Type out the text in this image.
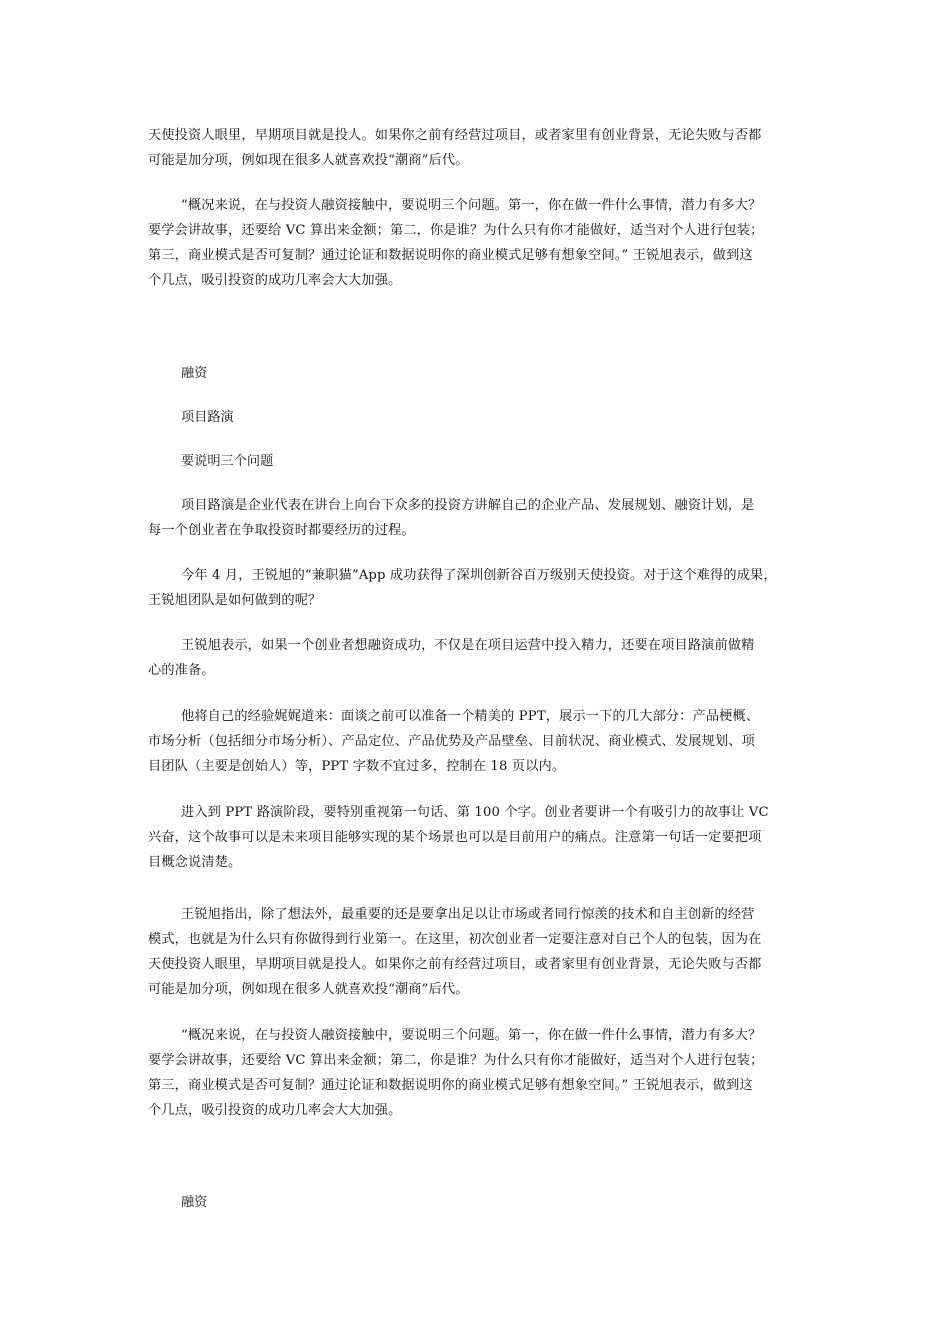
天使投资人眼里，早期项目就是投人。如果你之前有经营过项目，或者家里有创业背景，无论失败与否都
可能是加分项，例如现在很多人就喜欢投“潮商”后代。

“概况来说，在与投资人融资接触中，要说明三个问题。第一，你在做一件什么事情，潜力有多大？
要学会讲故事，还要给 VC 算出来金额；第二，你是谁？为什么只有你才能做好，适当对个人进行包装；
第三，商业模式是否可复制？通过论证和数据说明你的商业模式足够有想象空间。” 王锐旭表示，做到这
个几点，吸引投资的成功几率会大大加强。

融资

项目路演

要说明三个问题

项目路演是企业代表在讲台上向台下众多的投资方讲解自己的企业产品、发展规划、融资计划，是
每一个创业者在争取投资时都要经历的过程。

今年 4 月，王锐旭的“兼职猫”App 成功获得了深圳创新谷百万级别天使投资。对于这个难得的成果，
王锐旭团队是如何做到的呢？

王锐旭表示，如果一个创业者想融资成功，不仅是在项目运营中投入精力，还要在项目路演前做精
心的准备。

他将自己的经验娓娓道来：面谈之前可以准备一个精美的 PPT，展示一下的几大部分：产品梗概、
市场分析（包括细分市场分析）、产品定位、产品优势及产品壁垒、目前状况、商业模式、发展规划、项
目团队（主要是创始人）等，PPT 字数不宜过多，控制在 18 页以内。

进入到 PPT 路演阶段，要特别重视第一句话、第 100 个字。创业者要讲一个有吸引力的故事让 VC
兴奋，这个故事可以是未来项目能够实现的某个场景也可以是目前用户的痛点。注意第一句话一定要把项
目概念说清楚。

王锐旭指出，除了想法外，最重要的还是要拿出足以让市场或者同行惊羡的技术和自主创新的经营
模式，也就是为什么只有你做得到行业第一。在这里，初次创业者一定要注意对自己个人的包装，因为在
天使投资人眼里，早期项目就是投人。如果你之前有经营过项目，或者家里有创业背景，无论失败与否都
可能是加分项，例如现在很多人就喜欢投“潮商”后代。

“概况来说，在与投资人融资接触中，要说明三个问题。第一，你在做一件什么事情，潜力有多大？
要学会讲故事，还要给 VC 算出来金额；第二，你是谁？为什么只有你才能做好，适当对个人进行包装；
第三，商业模式是否可复制？通过论证和数据说明你的商业模式足够有想象空间。” 王锐旭表示，做到这
个几点，吸引投资的成功几率会大大加强。

融资
